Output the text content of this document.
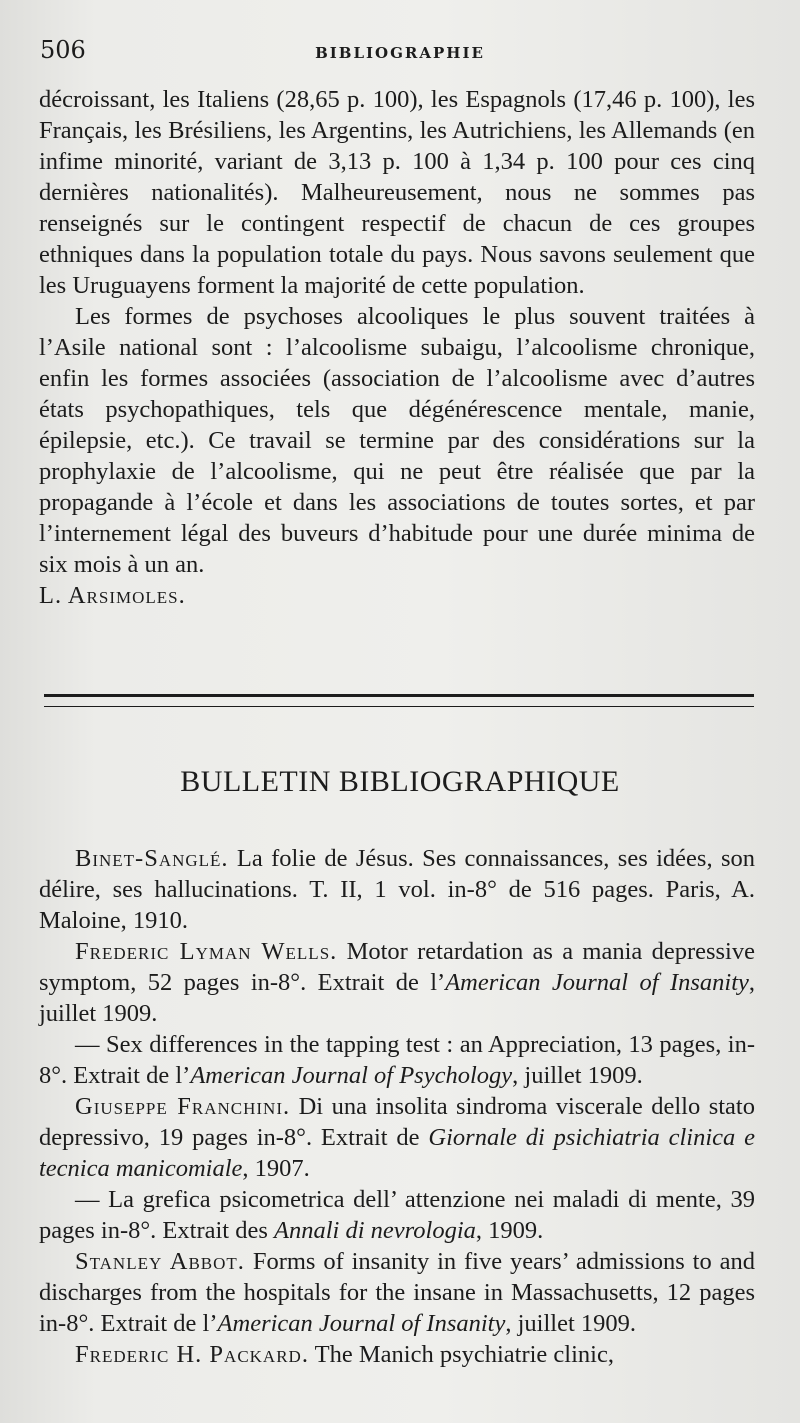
506	BIBLIOGRAPHIE

décroissant, les Italiens (28,65 p. 100), les Espagnols (17,46 p. 100), les Français, les Brésiliens, les Argentins, les Autrichiens, les Allemands (en infime minorité, variant de 3,13 p. 100 à 1,34 p. 100 pour ces cinq dernières nationalités). Malheureusement, nous ne sommes pas renseignés sur le contingent respectif de chacun de ces groupes ethniques dans la population totale du pays. Nous savons seulement que les Uruguayens forment la majorité de cette population.

Les formes de psychoses alcooliques le plus souvent traitées à l’Asile national sont : l’alcoolisme subaigu, l’alcoolisme chronique, enfin les formes associées (association de l’alcoolisme avec d’autres états psychopathiques, tels que dégénérescence mentale, manie, épilepsie, etc.). Ce travail se termine par des considérations sur la prophylaxie de l’alcoolisme, qui ne peut être réalisée que par la propagande à l’école et dans les associations de toutes sortes, et par l’internement légal des buveurs d’habitude pour une durée minima de six mois à un an.

L. Arsimoles.

BULLETIN BIBLIOGRAPHIQUE

Binet-Sanglé. La folie de Jésus. Ses connaissances, ses idées, son délire, ses hallucinations. T. II, 1 vol. in-8° de 516 pages. Paris, A. Maloine, 1910.

Frederic Lyman Wells. Motor retardation as a mania depressive symptom, 52 pages in-8°. Extrait de l’American Journal of Insanity, juillet 1909.

— Sex differences in the tapping test : an Appreciation, 13 pages, in-8°. Extrait de l’American Journal of Psychology, juillet 1909.

Giuseppe Franchini. Di una insolita sindroma viscerale dello stato depressivo, 19 pages in-8°. Extrait de Giornale di psichiatria clinica e tecnica manicomiale, 1907.

— La grefica psicometrica dell’ attenzione nei maladi di mente, 39 pages in-8°. Extrait des Annali di nevrologia, 1909.

Stanley Abbot. Forms of insanity in five years’ admissions to and discharges from the hospitals for the insane in Massachusetts, 12 pages in-8°. Extrait de l’American Journal of Insanity, juillet 1909.

Frederic H. Packard. The Manich psychiatrie clinic,
